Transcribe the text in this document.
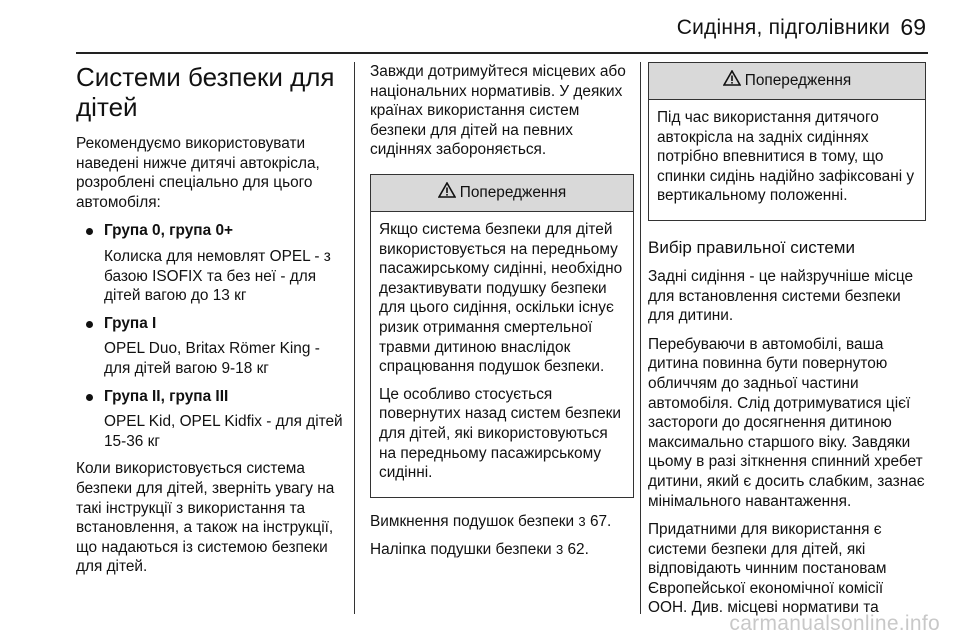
Сидіння, підголівники 69
Системи безпеки для дітей

Рекомендуємо використовувати наведені нижче дитячі автокрісла, розроблені спеціально для цього автомобіля:

Група 0, група 0+
Колиска для немовлят OPEL - з базою ISOFIX та без неї - для дітей вагою до 13 кг
Група I
OPEL Duo, Britax Römer King - для дітей вагою 9-18 кг
Група II, група III
OPEL Kid, OPEL Kidfix - для дітей 15-36 кг

Коли використовується система безпеки для дітей, зверніть увагу на такі інструкції з використання та встановлення, а також на інструкції, що надаються із системою безпеки для дітей.

Завжди дотримуйтеся місцевих або національних нормативів. У деяких країнах використання систем безпеки для дітей на певних сидіннях забороняється.

Попередження

Якщо система безпеки для дітей використовується на передньому пасажирському сидінні, необхідно дезактивувати подушку безпеки для цього сидіння, оскільки існує ризик отримання смертельної травми дитиною внаслідок спрацювання подушок безпеки.

Це особливо стосується повернутих назад систем безпеки для дітей, які використовуються на передньому пасажирському сидінні.

Вимкнення подушок безпеки 3 67.

Наліпка подушки безпеки 3 62.

Попередження

Під час використання дитячого автокрісла на задніх сидіннях потрібно впевнитися в тому, що спинки сидінь надійно зафіксовані у вертикальному положенні.

Вибір правильної системи

Задні сидіння - це найзручніше місце для встановлення системи безпеки для дитини.

Перебуваючи в автомобілі, ваша дитина повинна бути повернутою обличчям до задньої частини автомобіля. Слід дотримуватися цієї застороги до досягнення дитиною максимально старшого віку. Завдяки цьому в разі зіткнення спинний хребет дитини, який є досить слабким, зазнає мінімального навантаження.

Придатними для використання є системи безпеки для дітей, які відповідають чинним постановам Європейської економічної комісії ООН. Див. місцеві нормативи та

carmanualsonline.info
